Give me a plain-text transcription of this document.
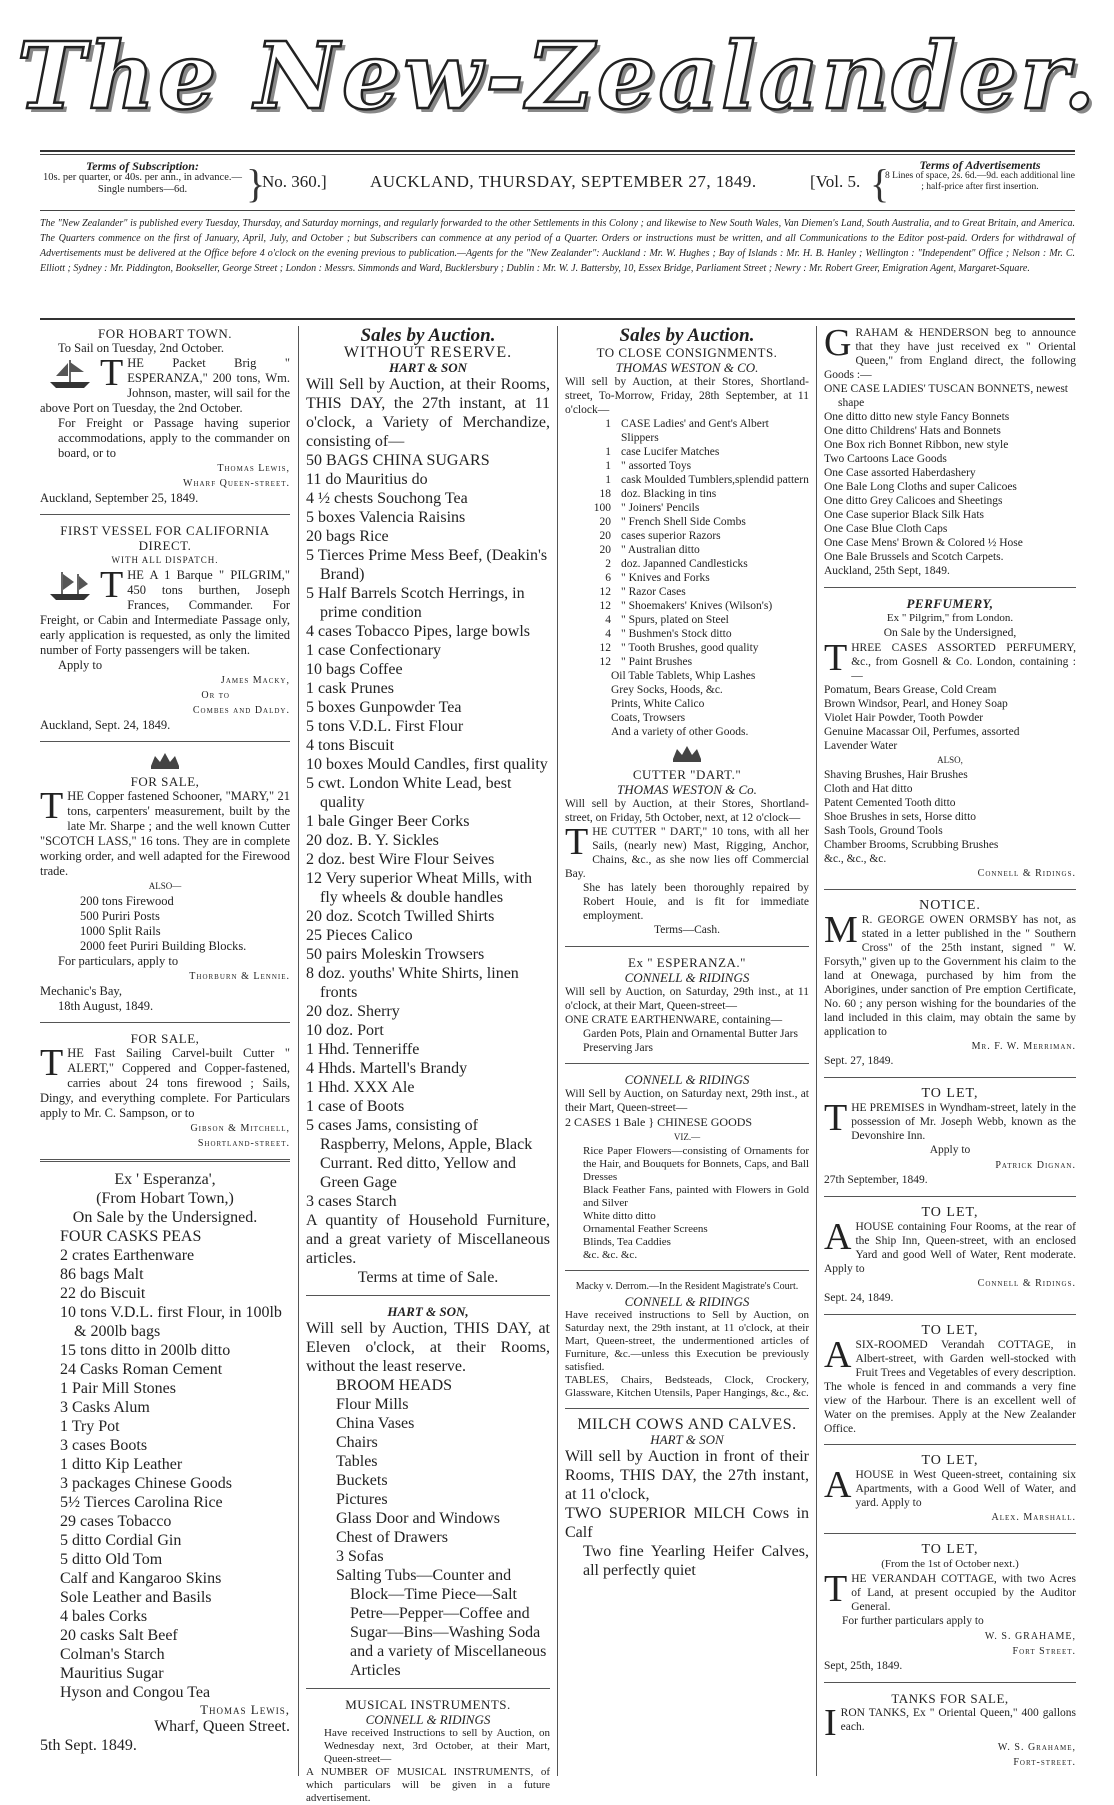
The New-Zealander.
Terms of Subscription:
10s. per quarter, or 40s. per ann., in advance.—Single numbers—6d.	}
No. 360.]	AUCKLAND, THURSDAY, SEPTEMBER 27, 1849.	[Vol. 5. {	Terms of Advertisements
8 Lines of space, 2s. 6d.—9d. each additional line ; half-price after first insertion.
The "New Zealander" is published every Tuesday, Thursday, and Saturday mornings, and regularly forwarded to the other Settlements in this Colony ; and likewise to New South Wales, Van Diemen's Land, South Australia, and to Great Britain, and America. The Quarters commence on the first of January, April, July, and October ; but Subscribers can commence at any period of a Quarter. Orders or instructions must be written, and all Communications to the Editor post-paid. Orders for withdrawal of Advertisements must be delivered at the Office before 4 o'clock on the evening previous to publication.—Agents for the "New Zealander": Auckland : Mr. W. Hughes ; Bay of Islands : Mr. H. B. Hanley ; Wellington : "Independent" Office ; Nelson : Mr. C. Elliott ; Sydney : Mr. Piddington, Bookseller, George Street ; London : Messrs. Simmonds and Ward, Bucklersbury ; Dublin : Mr. W. J. Battersby, 10, Essex Bridge, Parliament Street ; Newry : Mr. Robert Greer, Emigration Agent, Margaret-Square.
FOR HOBART TOWN.

To Sail on Tuesday, 2nd October.

THE Packet Brig " ESPERANZA," 200 tons, Wm. Johnson, master, will sail for the above Port on Tuesday, the 2nd October.

For Freight or Passage having superior accommodations, apply to the commander on board, or to

Thomas Lewis,
Wharf Queen-street.

Auckland, September 25, 1849.

FIRST VESSEL FOR CALIFORNIA DIRECT.
WITH ALL DISPATCH.

THE A 1 Barque " PILGRIM," 450 tons burthen, Joseph Frances, Commander. For Freight, or Cabin and Intermediate Passage only, early application is requested, as only the limited number of Forty passengers will be taken.

Apply to

James Macky,
Or to
Combes and Daldy.

Auckland, Sept. 24, 1849.

FOR SALE,

THE Copper fastened Schooner, "MARY," 21 tons, carpenters' measurement, built by the late Mr. Sharpe ; and the well known Cutter "SCOTCH LASS," 16 tons. They are in complete working order, and well adapted for the Firewood trade.

ALSO—
200 tons Firewood
500 Puriri Posts
1000 Split Rails
2000 feet Puriri Building Blocks.

For particulars, apply to

Thorburn & Lennie.

Mechanic's Bay,

18th August, 1849.

FOR SALE,

THE Fast Sailing Carvel-built Cutter " ALERT," Coppered and Copper-fastened, carries about 24 tons firewood ; Sails, Dingy, and everything complete. For Particulars apply to Mr. C. Sampson, or to

Gibson & Mitchell,
Shortland-street.
Ex ' Esperanza',
(From Hobart Town,)
On Sale by the Undersigned.
FOUR CASKS PEAS
2 crates Earthenware
86 bags Malt
22 do Biscuit
10 tons V.D.L. first Flour, in 100lb & 200lb bags
15 tons ditto in 200lb ditto
24 Casks Roman Cement
1 Pair Mill Stones
3 Casks Alum
1 Try Pot
3 cases Boots
1 ditto Kip Leather
3 packages Chinese Goods
5½ Tierces Carolina Rice
29 cases Tobacco
5 ditto Cordial Gin
5 ditto Old Tom
Calf and Kangaroo Skins
Sole Leather and Basils
4 bales Corks
20 casks Salt Beef
Colman's Starch
Mauritius Sugar
Hyson and Congou Tea
Thomas Lewis,
Wharf, Queen Street.
5th Sept. 1849.
Sales by Auction.
WITHOUT RESERVE.
HART & SON

Will Sell by Auction, at their Rooms, THIS DAY, the 27th instant, at 11 o'clock, a Variety of Merchandize, consisting of—

50 BAGS CHINA SUGARS
11 do Mauritius do
4 ½ chests Souchong Tea
5 boxes Valencia Raisins
20 bags Rice
5 Tierces Prime Mess Beef, (Deakin's Brand)
5 Half Barrels Scotch Herrings, in prime condition
4 cases Tobacco Pipes, large bowls
1 case Confectionary
10 bags Coffee
1 cask Prunes
5 boxes Gunpowder Tea
5 tons V.D.L. First Flour
4 tons Biscuit
10 boxes Mould Candles, first quality
5 cwt. London White Lead, best quality
1 bale Ginger Beer Corks
20 doz. B. Y. Sickles
2 doz. best Wire Flour Seives
12 Very superior Wheat Mills, with fly wheels & double handles
20 doz. Scotch Twilled Shirts
25 Pieces Calico
50 pairs Moleskin Trowsers
8 doz. youths' White Shirts, linen fronts
20 doz. Sherry
10 doz. Port
1 Hhd. Tenneriffe
4 Hhds. Martell's Brandy
1 Hhd. XXX Ale
1 case of Boots
5 cases Jams, consisting of Raspberry, Melons, Apple, Black Currant. Red ditto, Yellow and Green Gage
3 cases Starch

A quantity of Household Furniture, and a great variety of Miscellaneous articles.

Terms at time of Sale.
HART & SON,

Will sell by Auction, THIS DAY, at Eleven o'clock, at their Rooms, without the least reserve.

BROOM HEADS
Flour Mills
China Vases
Chairs
Tables
Buckets
Pictures
Glass Door and Windows
Chest of Drawers
3 Sofas
Salting Tubs—Counter and Block—Time Piece—Salt Petre—Pepper—Coffee and Sugar—Bins—Washing Soda and a variety of Miscellaneous Articles
MUSICAL INSTRUMENTS.
CONNELL & RIDINGS

Have received Instructions to sell by Auction, on Wednesday next, 3rd October, at their Mart, Queen-street—

A NUMBER OF MUSICAL INSTRUMENTS, of which particulars will be given in a future advertisement.

Sales by Auction.
TO CLOSE CONSIGNMENTS.
THOMAS WESTON & CO.

Will sell by Auction, at their Stores, Shortland-street, To-Morrow, Friday, 28th September, at 11 o'clock—

1 CASE Ladies' and Gent's Albert Slippers
1 case Lucifer Matches
1 " assorted Toys
1 cask Moulded Tumblers,splendid pattern
18 doz. Blacking in tins
100 " Joiners' Pencils
20 " French Shell Side Combs
20 cases superior Razors
20 " Australian ditto
2 doz. Japanned Candlesticks
6 " Knives and Forks
12 " Razor Cases
12 " Shoemakers' Knives (Wilson's)
4 " Spurs, plated on Steel
4 " Bushmen's Stock ditto
12 " Tooth Brushes, good quality
12 " Paint Brushes
Oil Table Tablets, Whip Lashes
Grey Socks, Hoods, &c.
Prints, White Calico
Coats, Trowsers
And a variety of other Goods.
CUTTER "DART."
THOMAS WESTON & Co.

Will sell by Auction, at their Stores, Shortland-street, on Friday, 5th October, next, at 12 o'clock—

THE CUTTER " DART," 10 tons, with all her Sails, (nearly new) Mast, Rigging, Anchor, Chains, &c., as she now lies off Commercial Bay.

She has lately been thoroughly repaired by Robert Houie, and is fit for immediate employment.

Terms—Cash.
Ex " ESPERANZA."
CONNELL & RIDINGS

Will sell by Auction, on Saturday, 29th inst., at 11 o'clock, at their Mart, Queen-street—

ONE CRATE EARTHENWARE, containing—

Garden Pots, Plain and Ornamental Butter Jars

Preserving Jars

CONNELL & RIDINGS

Will Sell by Auction, on Saturday next, 29th inst., at their Mart, Queen-street—

2 CASES 1 Bale } CHINESE GOODS

VIZ.—

Rice Paper Flowers—consisting of Ornaments for the Hair, and Bouquets for Bonnets, Caps, and Ball Dresses

Black Feather Fans, painted with Flowers in Gold and Silver

White ditto ditto
Ornamental Feather Screens
Blinds, Tea Caddies
&c. &c. &c.

Macky v. Derrom.—In the Resident Magistrate's Court.

CONNELL & RIDINGS

Have received instructions to Sell by Auction, on Saturday next, the 29th instant, at 11 o'clock, at their Mart, Queen-street, the undermentioned articles of Furniture, &c.—unless this Execution be previously satisfied.

TABLES, Chairs, Bedsteads, Clock, Crockery, Glassware, Kitchen Utensils, Paper Hangings, &c., &c.

MILCH COWS AND CALVES.
HART & SON

Will sell by Auction in front of their Rooms, THIS DAY, the 27th instant, at 11 o'clock,

TWO SUPERIOR MILCH Cows in Calf

Two fine Yearling Heifer Calves, all perfectly quiet

GRAHAM & HENDERSON beg to announce that they have just received ex " Oriental Queen," from England direct, the following Goods :—

ONE CASE LADIES' TUSCAN BONNETS, newest shape
One ditto ditto new style Fancy Bonnets
One ditto Childrens' Hats and Bonnets
One Box rich Bonnet Ribbon, new style
Two Cartoons Lace Goods
One Case assorted Haberdashery
One Bale Long Cloths and super Calicoes
One ditto Grey Calicoes and Sheetings
One Case superior Black Silk Hats
One Case Blue Cloth Caps
One Case Mens' Brown & Colored ½ Hose
One Bale Brussels and Scotch Carpets.

Auckland, 25th Sept, 1849.

PERFUMERY,
Ex " Pilgrim," from London.
On Sale by the Undersigned,

THREE CASES ASSORTED PERFUMERY, &c., from Gosnell & Co. London, containing :—

Pomatum, Bears Grease, Cold Cream
Brown Windsor, Pearl, and Honey Soap
Violet Hair Powder, Tooth Powder
Genuine Macassar Oil, Perfumes, assorted
Lavender Water
ALSO,
Shaving Brushes, Hair Brushes
Cloth and Hat ditto
Patent Cemented Tooth ditto
Shoe Brushes in sets, Horse ditto
Sash Tools, Ground Tools
Chamber Brooms, Scrubbing Brushes
&c., &c., &c.
Connell & Ridings.
NOTICE.

M R. GEORGE OWEN ORMSBY has not, as stated in a letter published in the " Southern Cross" of the 25th instant, signed " W. Forsyth," given up to the Government his claim to the land at Onewaga, purchased by him from the Aborigines, under sanction of Pre emption Certificate, No. 60 ; any person wishing for the boundaries of the land included in this claim, may obtain the same by application to

Mr. F. W. Merriman.

Sept. 27, 1849.

TO LET,

THE PREMISES in Wyndham-street, lately in the possession of Mr. Joseph Webb, known as the Devonshire Inn.

Apply to
Patrick Dignan.

27th September, 1849.

TO LET,

AHOUSE containing Four Rooms, at the rear of the Ship Inn, Queen-street, with an enclosed Yard and good Well of Water, Rent moderate. Apply to

Connell & Ridings.

Sept. 24, 1849.

TO LET,

ASIX-ROOMED Verandah COTTAGE, in Albert-street, with Garden well-stocked with Fruit Trees and Vegetables of every description. The whole is fenced in and commands a very fine view of the Harbour. There is an excellent well of Water on the premises. Apply at the New Zealander Office.

TO LET,

AHOUSE in West Queen-street, containing six Apartments, with a Good Well of Water, and yard. Apply to

Alex. Marshall.
TO LET,
(From the 1st of October next.)

THE VERANDAH COTTAGE, with two Acres of Land, at present occupied by the Auditor General.

For further particulars apply to

W. S. GRAHAME,
Fort Street.

Sept, 25th, 1849.

TANKS FOR SALE,

IRON TANKS, Ex " Oriental Queen," 400 gallons each.

W. S. Grahame,
Fort-street.
